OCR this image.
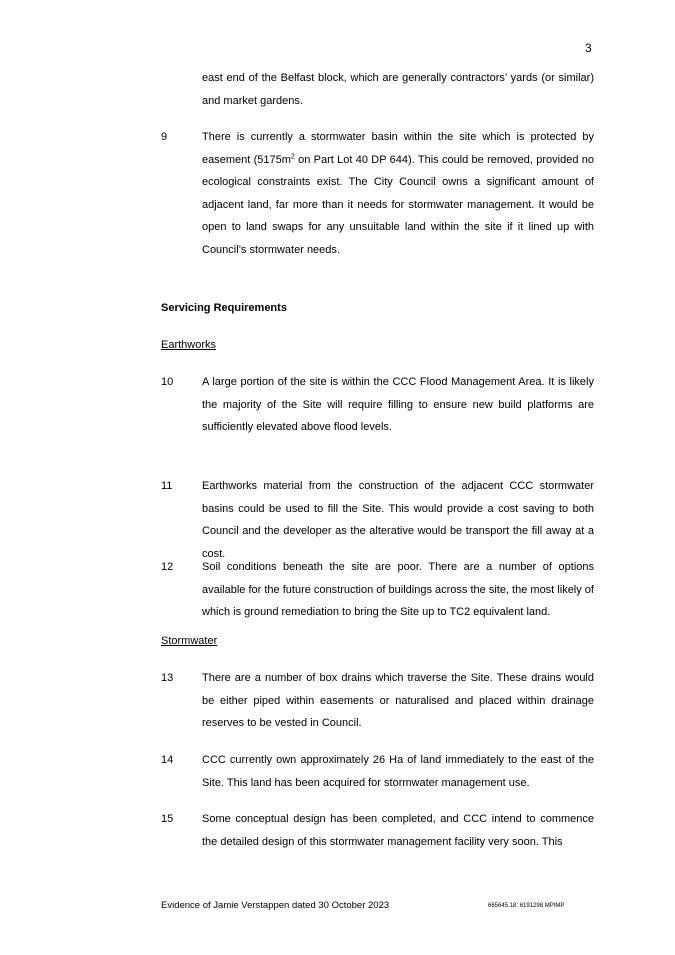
3
east end of the Belfast block, which are generally contractors’ yards (or similar) and market gardens.
9	There is currently a stormwater basin within the site which is protected by easement ($5175m^2$ on Part Lot 40 DP 644). This could be removed, provided no ecological constraints exist. The City Council owns a significant amount of adjacent land, far more than it needs for stormwater management. It would be open to land swaps for any unsuitable land within the site if it lined up with Council’s stormwater needs.
Servicing Requirements
Earthworks
10	A large portion of the site is within the CCC Flood Management Area. It is likely the majority of the Site will require filling to ensure new build platforms are sufficiently elevated above flood levels.
11	Earthworks material from the construction of the adjacent CCC stormwater basins could be used to fill the Site. This would provide a cost saving to both Council and the developer as the alterative would be transport the fill away at a cost.
12	Soil conditions beneath the site are poor. There are a number of options available for the future construction of buildings across the site, the most likely of which is ground remediation to bring the Site up to TC2 equivalent land.
Stormwater
13	There are a number of box drains which traverse the Site. These drains would be either piped within easements or naturalised and placed within drainage reserves to be vested in Council.
14	CCC currently own approximately 26 Ha of land immediately to the east of the Site. This land has been acquired for stormwater management use.
15	Some conceptual design has been completed, and CCC intend to commence the detailed design of this stormwater management facility very soon. This
Evidence of Jamie Verstappen dated 30 October 2023	665645.18: 6191298 MPIMP
